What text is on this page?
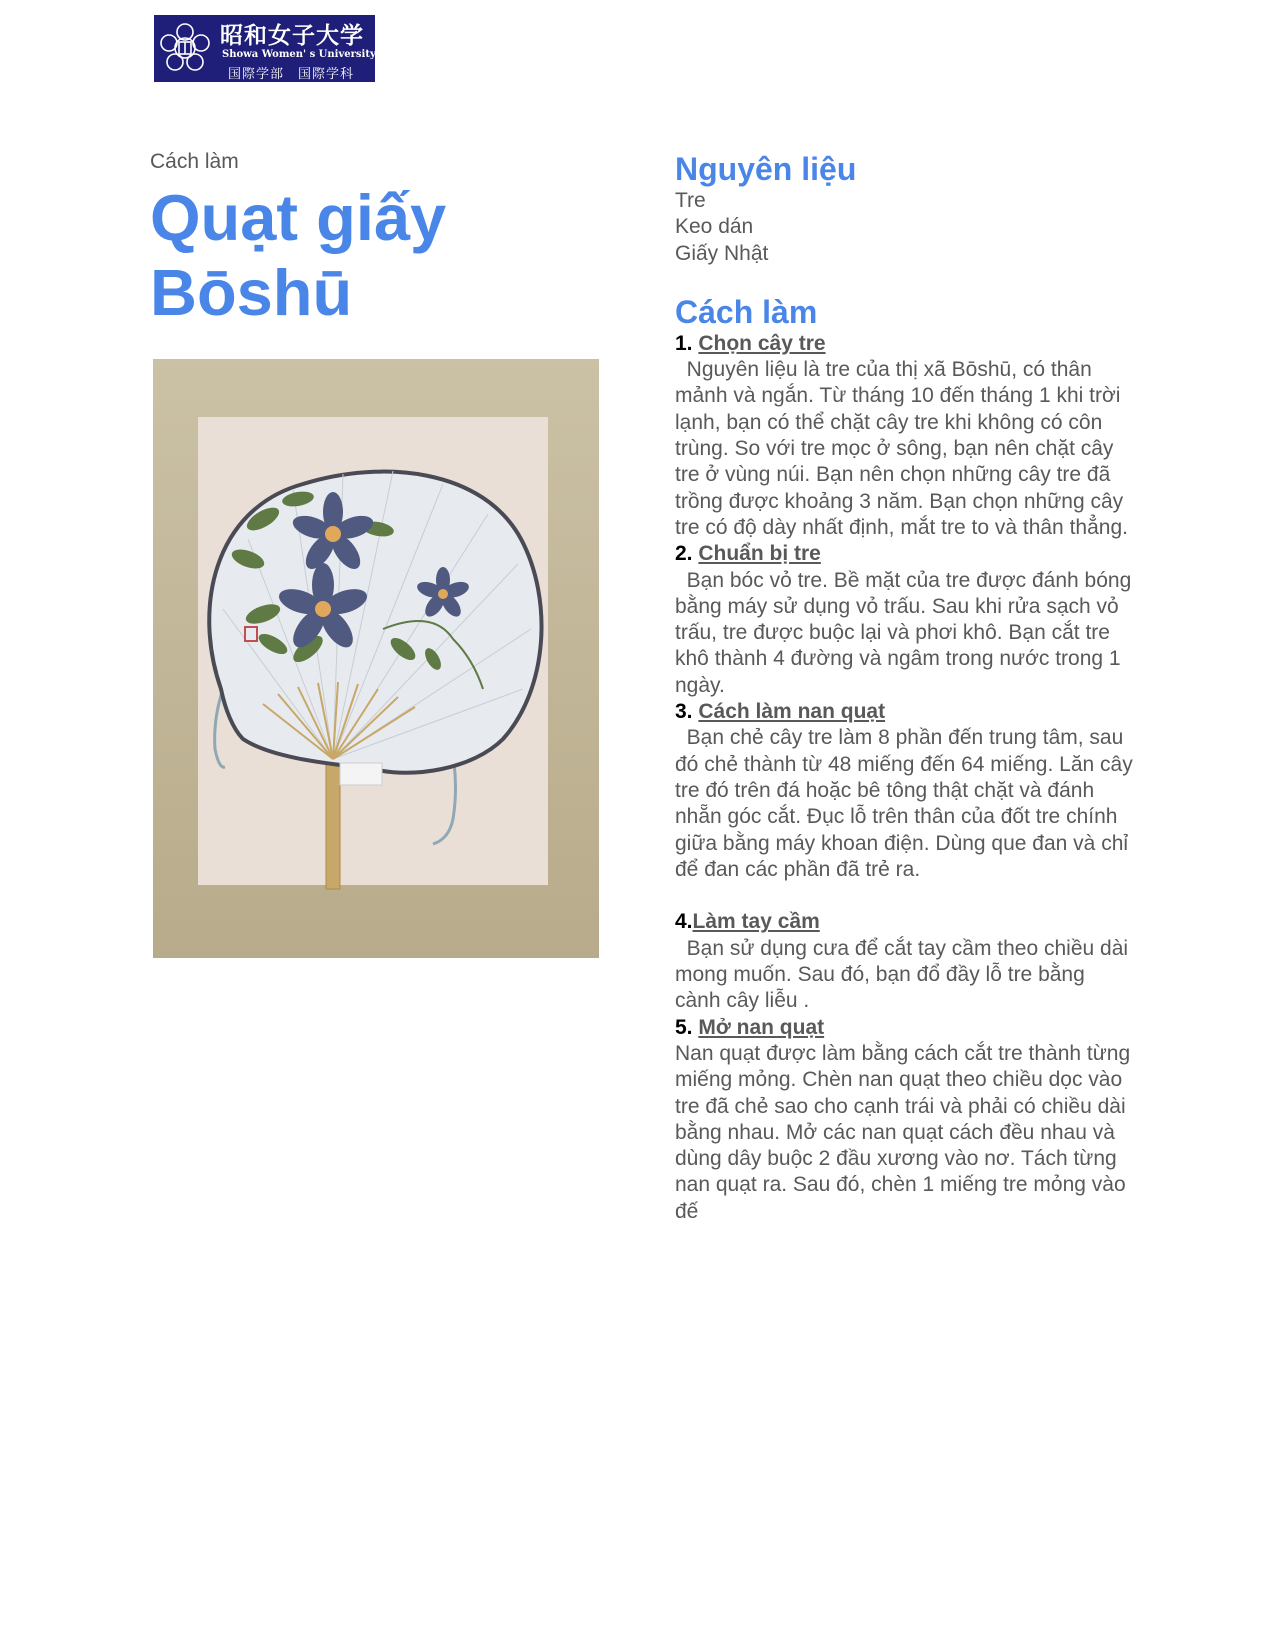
昭和女子大学
Showa Women' s University
国際学部　国際学科
Cách làm
Quạt giấy
Bōshū
Nguyên liệu

Tre

Keo dán

Giấy Nhật

Cách làm

1. Chọn cây tre

Nguyên liệu là tre của thị xã Bōshū, có thân mảnh và ngắn. Từ tháng 10 đến tháng 1 khi trời lạnh, bạn có thể chặt cây tre khi không có côn trùng. So với tre mọc ở sông, bạn nên chặt cây tre ở vùng núi. Bạn nên chọn những cây tre đã trồng được khoảng 3 năm. Bạn chọn những cây tre có độ dày nhất định, mắt tre to và thân thẳng.

2. Chuẩn bị tre

Bạn bóc vỏ tre. Bề mặt của tre được đánh bóng bằng máy sử dụng vỏ trấu. Sau khi rửa sạch vỏ trấu, tre được buộc lại và phơi khô. Bạn cắt tre khô thành 4 đường và ngâm trong nước trong 1 ngày.

3. Cách làm nan quạt

Bạn chẻ cây tre làm 8 phần đến trung tâm, sau đó chẻ thành từ 48 miếng đến 64 miếng. Lăn cây tre đó trên đá hoặc bê tông thật chặt và đánh nhẵn góc cắt. Đục lỗ trên thân của đốt tre chính giữa bằng máy khoan điện. Dùng que đan và chỉ để đan các phần đã trẻ ra.

4.Làm tay cầm

Bạn sử dụng cưa để cắt tay cầm theo chiều dài mong muốn. Sau đó, bạn đổ đầy lỗ tre bằng cành cây liễu .

5. Mở nan quạt

Nan quạt được làm bằng cách cắt tre thành từng miếng mỏng. Chèn nan quạt theo chiều dọc vào tre đã chẻ sao cho cạnh trái và phải có chiều dài bằng nhau. Mở các nan quạt cách đều nhau và dùng dây buộc 2 đầu xương vào nơ. Tách từng nan quạt ra. Sau đó, chèn 1 miếng tre mỏng vào đế
